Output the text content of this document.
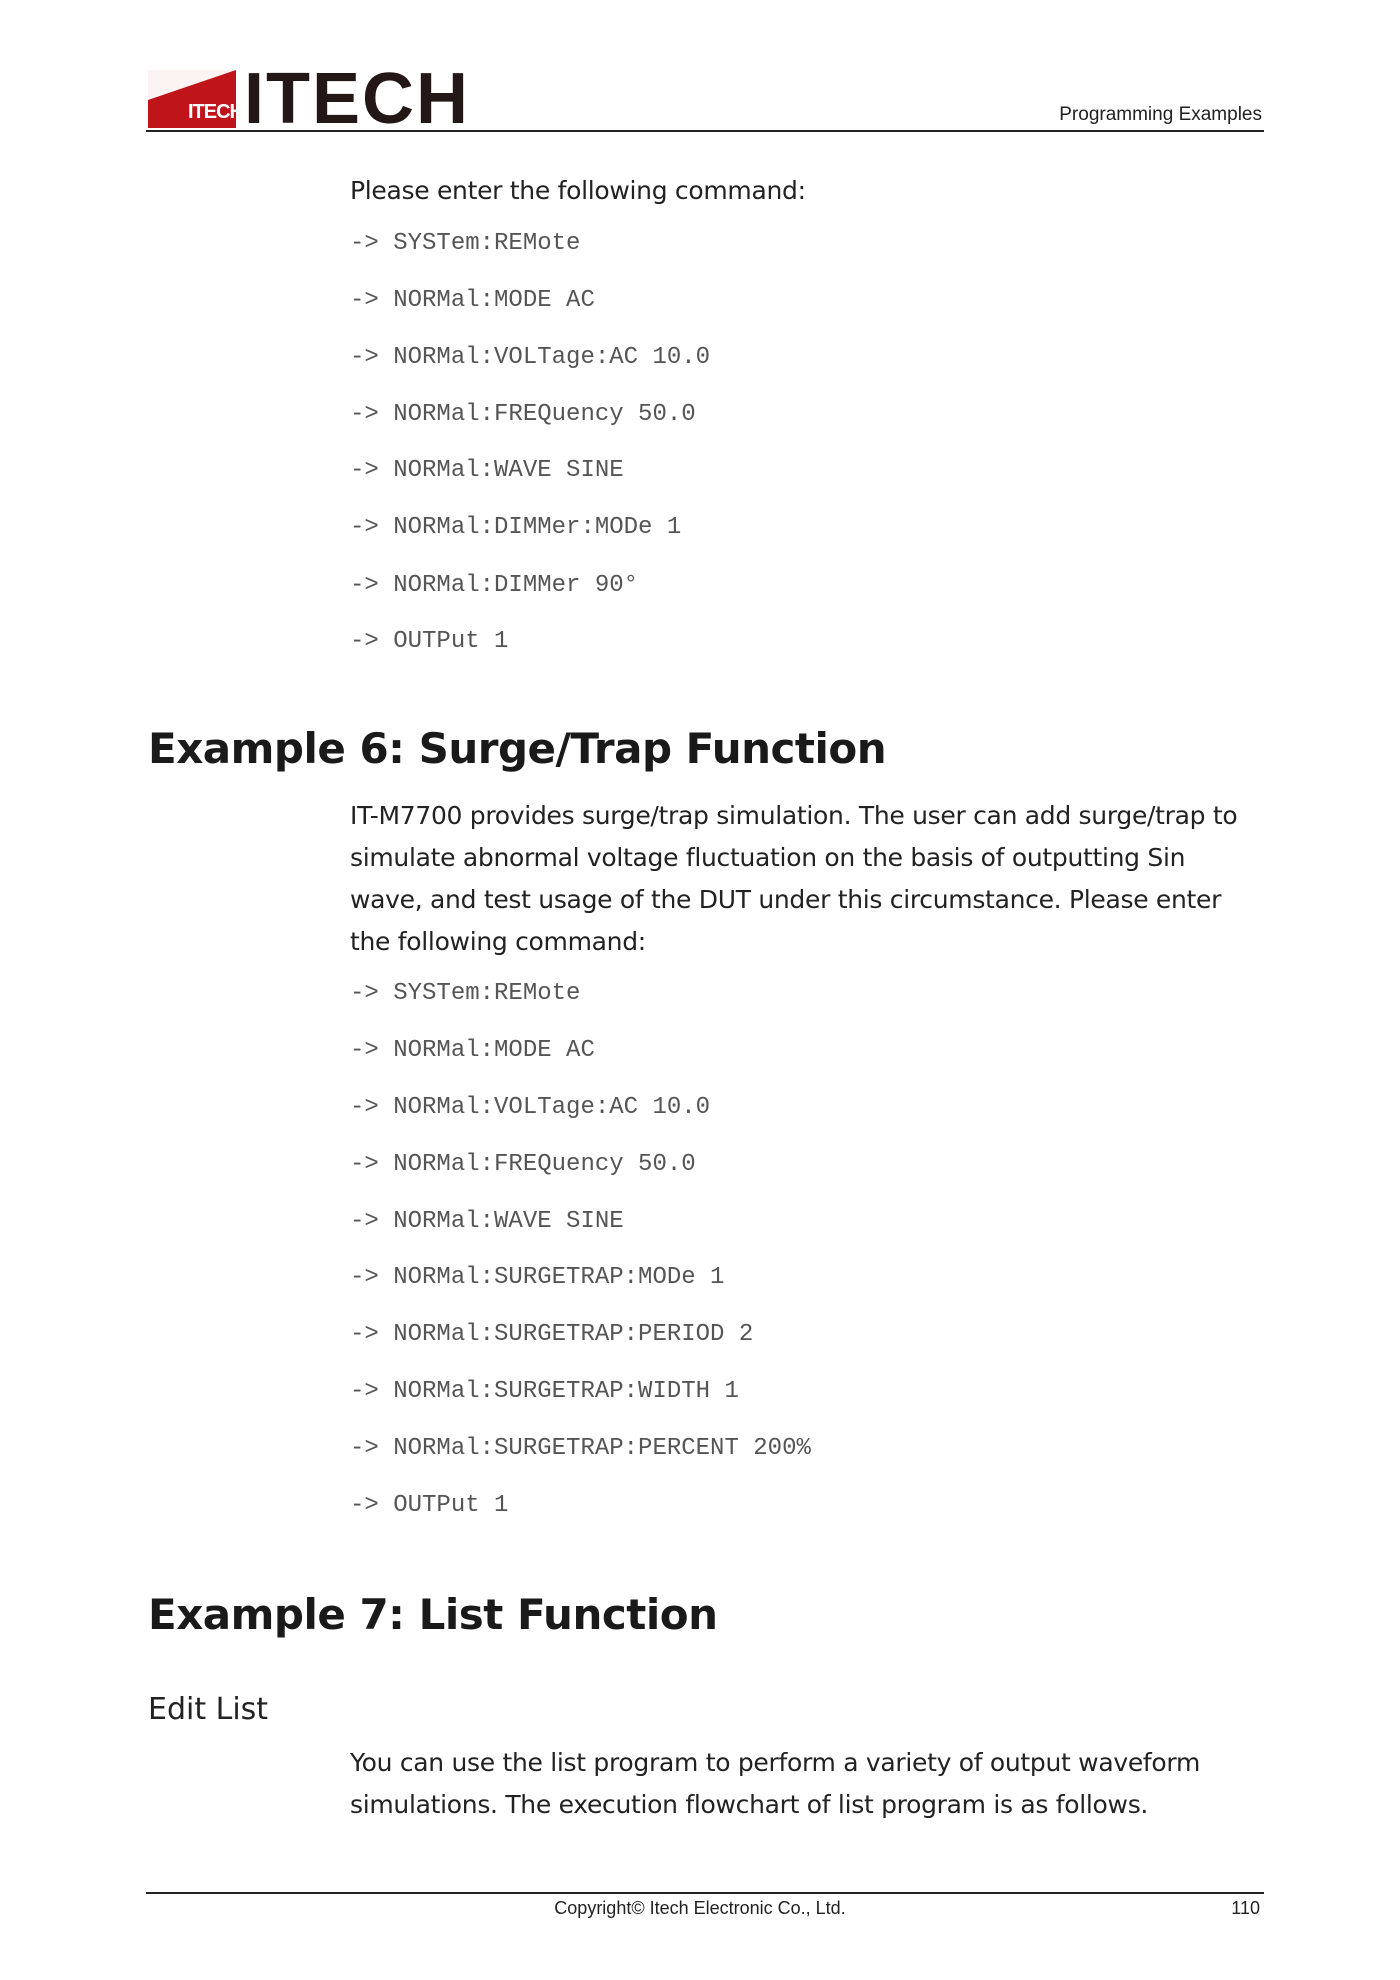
ITECH ITECH	Programming Examples
Please enter the following command:
-> SYSTem:REMote
-> NORMal:MODE AC
-> NORMal:VOLTage:AC 10.0
-> NORMal:FREQuency 50.0
-> NORMal:WAVE SINE
-> NORMal:DIMMer:MODe 1
-> NORMal:DIMMer 90°
-> OUTPut 1
Example 6: Surge/Trap Function
IT-M7700 provides surge/trap simulation. The user can add surge/trap to simulate abnormal voltage fluctuation on the basis of outputting Sin wave, and test usage of the DUT under this circumstance. Please enter the following command:
-> SYSTem:REMote
-> NORMal:MODE AC
-> NORMal:VOLTage:AC 10.0
-> NORMal:FREQuency 50.0
-> NORMal:WAVE SINE
-> NORMal:SURGETRAP:MODe 1
-> NORMal:SURGETRAP:PERIOD 2
-> NORMal:SURGETRAP:WIDTH 1
-> NORMal:SURGETRAP:PERCENT 200%
-> OUTPut 1
Example 7: List Function
Edit List
You can use the list program to perform a variety of output waveform simulations. The execution flowchart of list program is as follows.
Copyright© Itech Electronic Co., Ltd.	110
